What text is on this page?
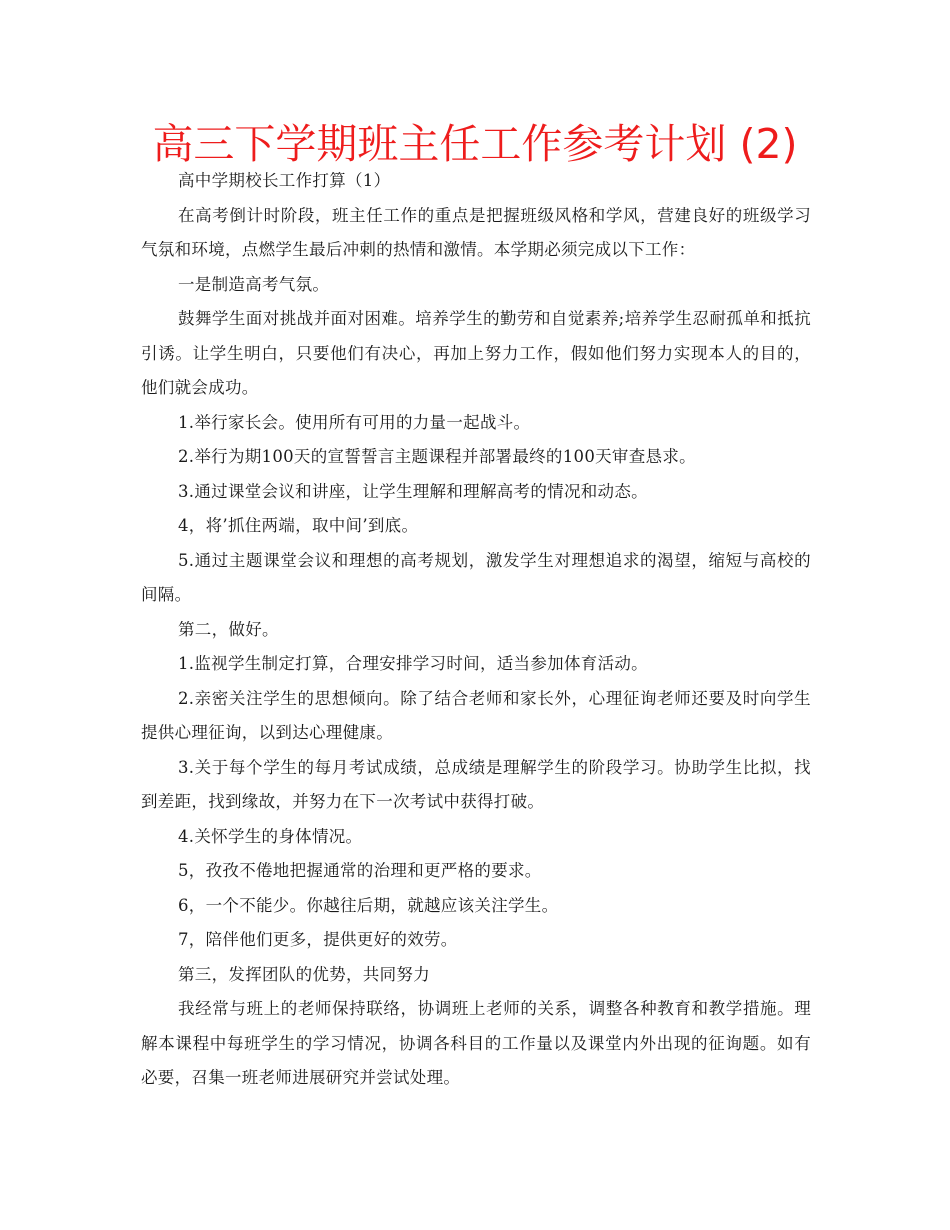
高三下学期班主任工作参考计划 (2)

高中学期校长工作打算（1）

在高考倒计时阶段，班主任工作的重点是把握班级风格和学风，营建良好的班级学习气氛和环境，点燃学生最后冲刺的热情和激情。本学期必须完成以下工作：

一是制造高考气氛。

鼓舞学生面对挑战并面对困难。培养学生的勤劳和自觉素养;培养学生忍耐孤单和抵抗引诱。让学生明白，只要他们有决心，再加上努力工作，假如他们努力实现本人的目的，他们就会成功。

1.举行家长会。使用所有可用的力量一起战斗。

2.举行为期100天的宣誓誓言主题课程并部署最终的100天审查恳求。

3.通过课堂会议和讲座，让学生理解和理解高考的情况和动态。

4，将’抓住两端，取中间’到底。

5.通过主题课堂会议和理想的高考规划，激发学生对理想追求的渴望，缩短与高校的间隔。

第二，做好。

1.监视学生制定打算，合理安排学习时间，适当参加体育活动。

2.亲密关注学生的思想倾向。除了结合老师和家长外，心理征询老师还要及时向学生提供心理征询，以到达心理健康。

3.关于每个学生的每月考试成绩，总成绩是理解学生的阶段学习。协助学生比拟，找到差距，找到缘故，并努力在下一次考试中获得打破。

4.关怀学生的身体情况。

5，孜孜不倦地把握通常的治理和更严格的要求。

6，一个不能少。你越往后期，就越应该关注学生。

7，陪伴他们更多，提供更好的效劳。

第三，发挥团队的优势，共同努力

我经常与班上的老师保持联络，协调班上老师的关系，调整各种教育和教学措施。理解本课程中每班学生的学习情况，协调各科目的工作量以及课堂内外出现的征询题。如有必要，召集一班老师进展研究并尝试处理。
